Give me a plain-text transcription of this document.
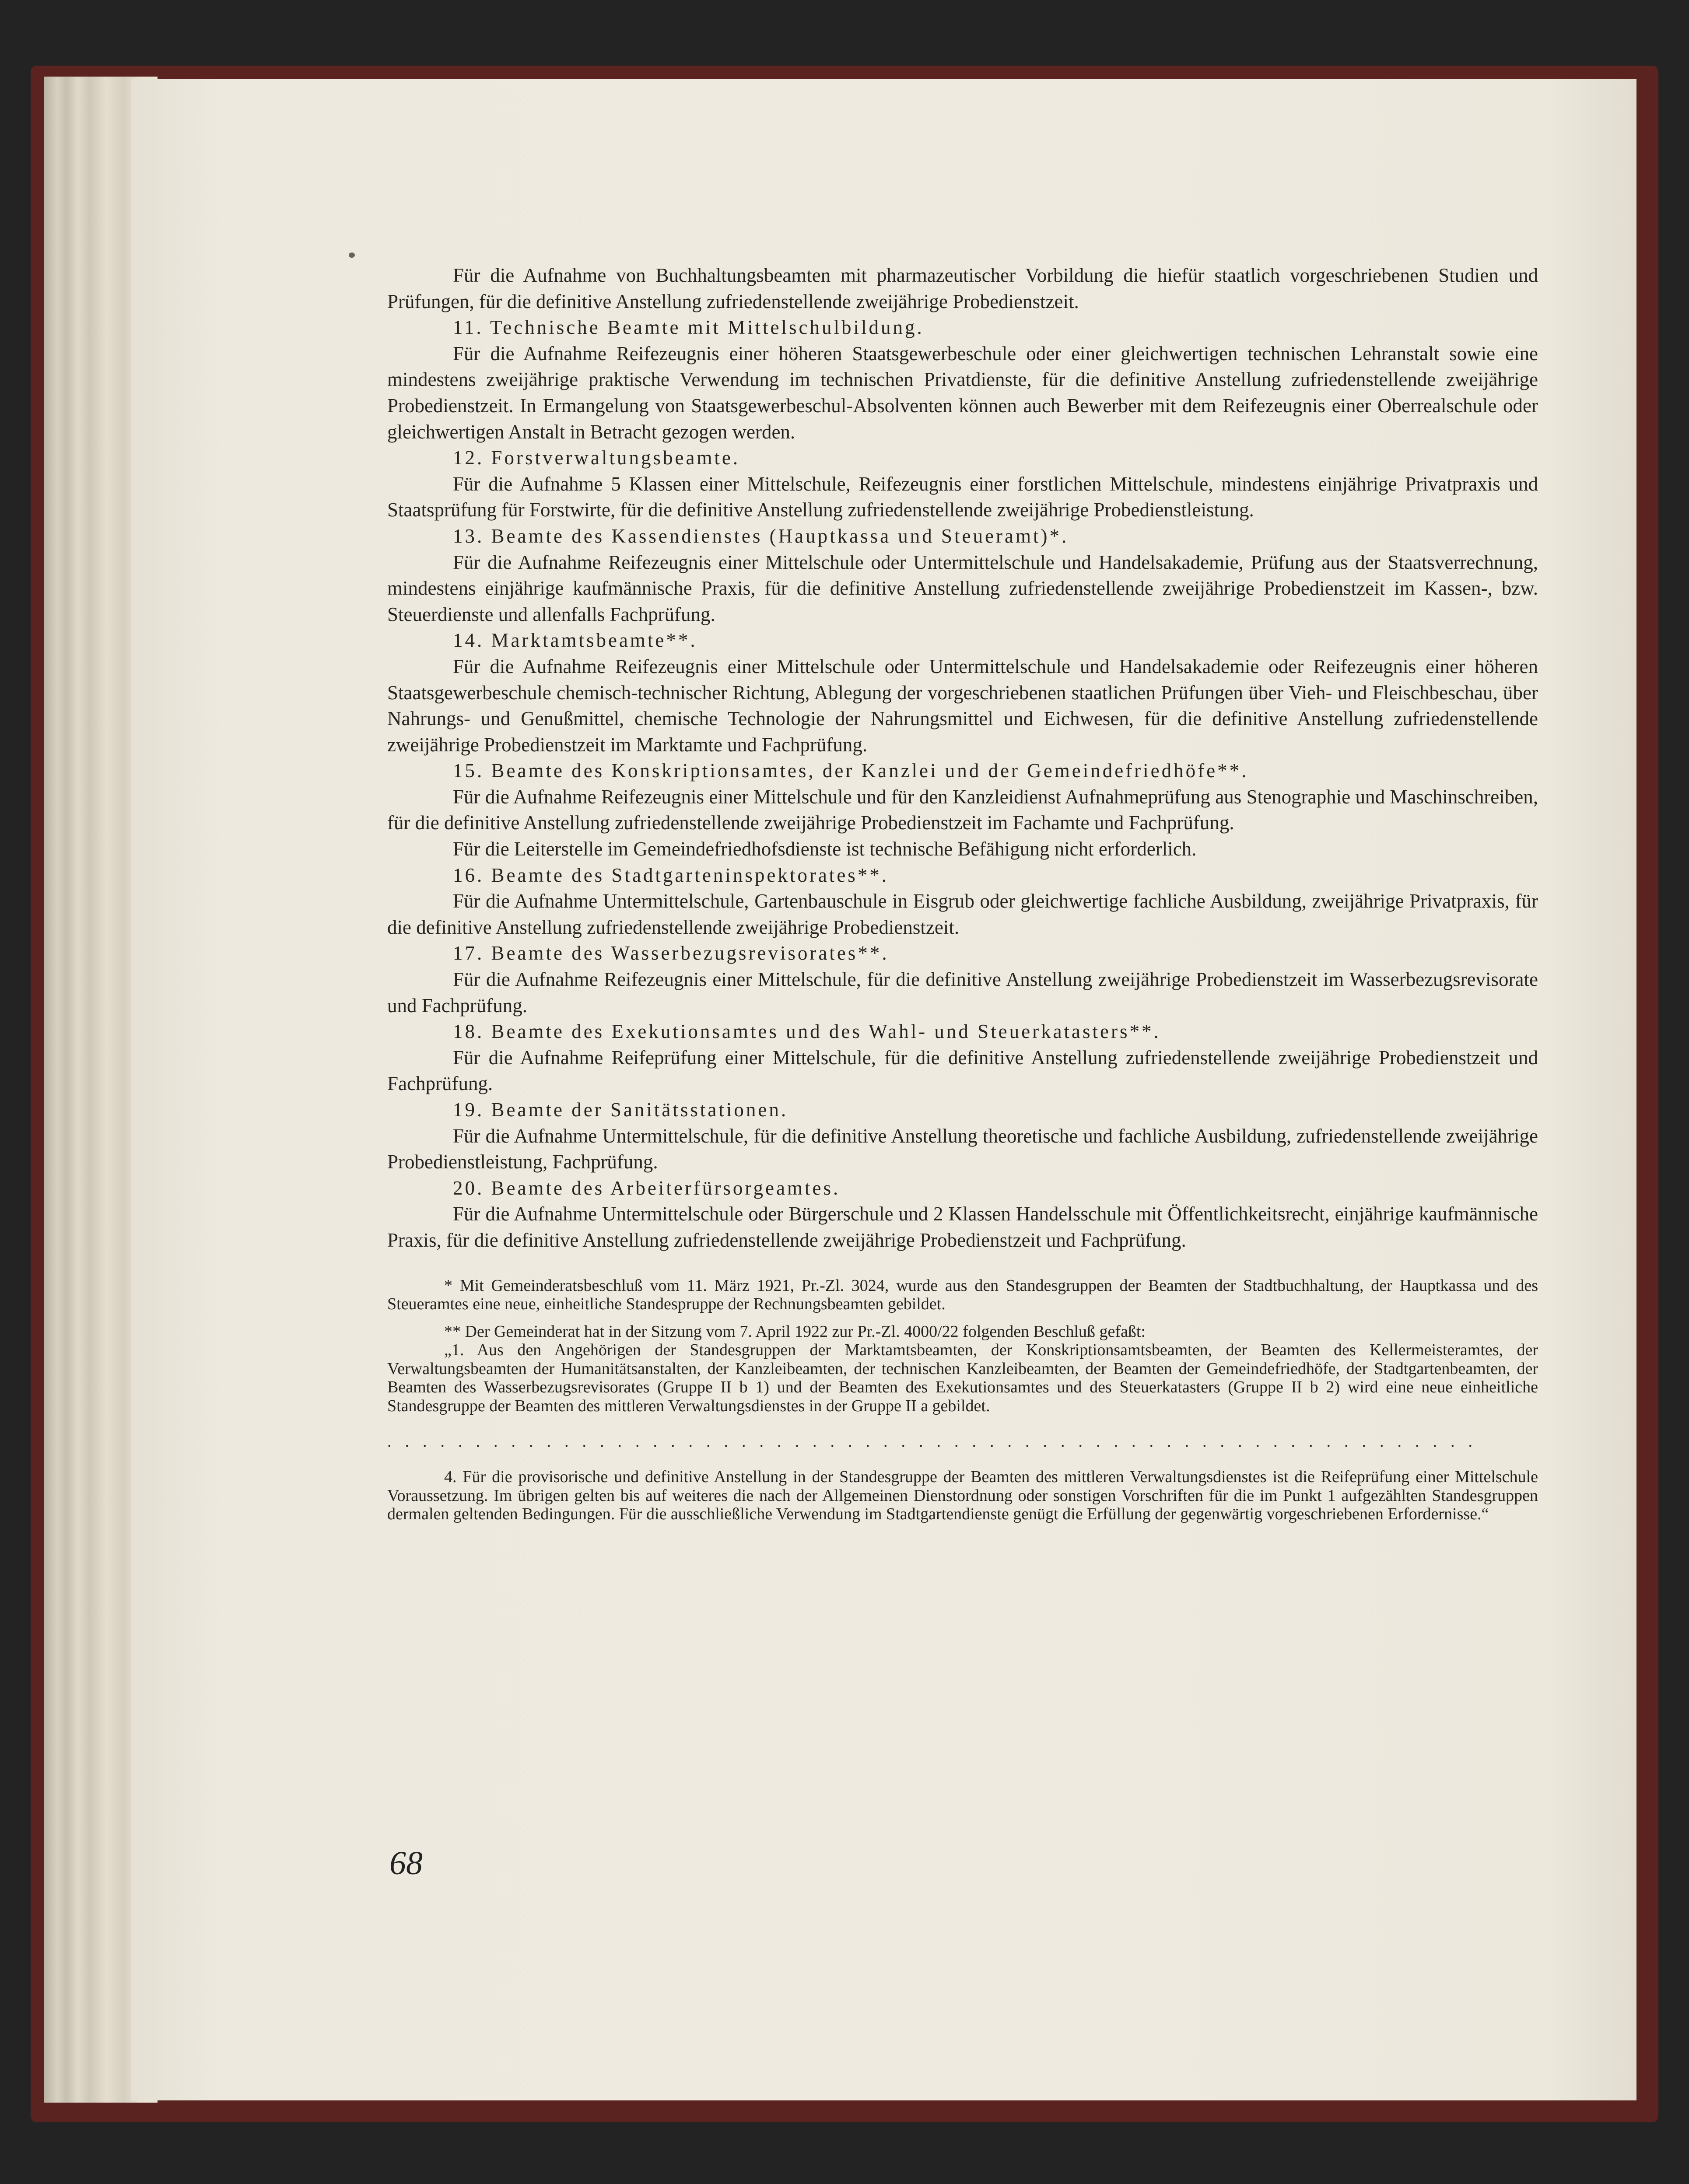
Für die Aufnahme von Buchhaltungsbeamten mit pharmazeutischer Vorbildung die hiefür staatlich vorgeschriebenen Studien und Prüfungen, für die definitive Anstellung zufriedenstellende zweijährige Probedienstzeit.

11. Technische Beamte mit Mittelschulbildung.

Für die Aufnahme Reifezeugnis einer höheren Staatsgewerbeschule oder einer gleichwertigen technischen Lehranstalt sowie eine mindestens zweijährige praktische Verwendung im technischen Privatdienste, für die definitive Anstellung zufriedenstellende zweijährige Probedienstzeit. In Ermangelung von Staatsgewerbeschul-Absolventen können auch Bewerber mit dem Reifezeugnis einer Oberrealschule oder gleichwertigen Anstalt in Betracht gezogen werden.

12. Forstverwaltungsbeamte.

Für die Aufnahme 5 Klassen einer Mittelschule, Reifezeugnis einer forstlichen Mittelschule, mindestens einjährige Privatpraxis und Staatsprüfung für Forstwirte, für die definitive Anstellung zufriedenstellende zweijährige Probedienstleistung.

13. Beamte des Kassendienstes (Hauptkassa und Steueramt)*.

Für die Aufnahme Reifezeugnis einer Mittelschule oder Untermittelschule und Handelsakademie, Prüfung aus der Staatsverrechnung, mindestens einjährige kaufmännische Praxis, für die definitive Anstellung zufriedenstellende zweijährige Probedienstzeit im Kassen-, bzw. Steuerdienste und allenfalls Fachprüfung.

14. Marktamtsbeamte**.

Für die Aufnahme Reifezeugnis einer Mittelschule oder Untermittelschule und Handelsakademie oder Reifezeugnis einer höheren Staatsgewerbeschule chemisch-technischer Richtung, Ablegung der vorgeschriebenen staatlichen Prüfungen über Vieh- und Fleischbeschau, über Nahrungs- und Genußmittel, chemische Technologie der Nahrungsmittel und Eichwesen, für die definitive Anstellung zufriedenstellende zweijährige Probedienstzeit im Marktamte und Fachprüfung.

15. Beamte des Konskriptionsamtes, der Kanzlei und der Gemeindefriedhöfe**.

Für die Aufnahme Reifezeugnis einer Mittelschule und für den Kanzleidienst Aufnahmeprüfung aus Stenographie und Maschinschreiben, für die definitive Anstellung zufriedenstellende zweijährige Probedienstzeit im Fachamte und Fachprüfung.

Für die Leiterstelle im Gemeindefriedhofsdienste ist technische Befähigung nicht erforderlich.

16. Beamte des Stadtgarteninspektorates**.

Für die Aufnahme Untermittelschule, Gartenbauschule in Eisgrub oder gleichwertige fachliche Ausbildung, zweijährige Privatpraxis, für die definitive Anstellung zufriedenstellende zweijährige Probedienstzeit.

17. Beamte des Wasserbezugsrevisorates**.

Für die Aufnahme Reifezeugnis einer Mittelschule, für die definitive Anstellung zweijährige Probedienstzeit im Wasserbezugsrevisorate und Fachprüfung.

18. Beamte des Exekutionsamtes und des Wahl- und Steuerkatasters**.

Für die Aufnahme Reifeprüfung einer Mittelschule, für die definitive Anstellung zufriedenstellende zweijährige Probedienstzeit und Fachprüfung.

19. Beamte der Sanitätsstationen.

Für die Aufnahme Untermittelschule, für die definitive Anstellung theoretische und fachliche Ausbildung, zufriedenstellende zweijährige Probedienstleistung, Fachprüfung.

20. Beamte des Arbeiterfürsorgeamtes.

Für die Aufnahme Untermittelschule oder Bürgerschule und 2 Klassen Handelsschule mit Öffentlichkeitsrecht, einjährige kaufmännische Praxis, für die definitive Anstellung zufriedenstellende zweijährige Probedienstzeit und Fachprüfung.

* Mit Gemeinderatsbeschluß vom 11. März 1921, Pr.-Zl. 3024, wurde aus den Standesgruppen der Beamten der Stadtbuchhaltung, der Hauptkassa und des Steueramtes eine neue, einheitliche Standespruppe der Rechnungsbeamten gebildet.

** Der Gemeinderat hat in der Sitzung vom 7. April 1922 zur Pr.-Zl. 4000/22 folgenden Beschluß gefaßt:

„1. Aus den Angehörigen der Standesgruppen der Marktamtsbeamten, der Konskriptionsamtsbeamten, der Beamten des Kellermeisteramtes, der Verwaltungsbeamten der Humanitätsanstalten, der Kanzleibeamten, der technischen Kanzleibeamten, der Beamten der Gemeindefriedhöfe, der Stadtgartenbeamten, der Beamten des Wasserbezugsrevisorates (Gruppe II b 1) und der Beamten des Exekutionsamtes und des Steuerkatasters (Gruppe II b 2) wird eine neue einheitliche Standesgruppe der Beamten des mittleren Verwaltungsdienstes in der Gruppe II a gebildet.

..............................................................

4. Für die provisorische und definitive Anstellung in der Standesgruppe der Beamten des mittleren Verwaltungsdienstes ist die Reifeprüfung einer Mittelschule Voraussetzung. Im übrigen gelten bis auf weiteres die nach der Allgemeinen Dienstordnung oder sonstigen Vorschriften für die im Punkt 1 aufgezählten Standesgruppen dermalen geltenden Bedingungen. Für die ausschließliche Verwendung im Stadtgartendienste genügt die Erfüllung der gegenwärtig vorgeschriebenen Erfordernisse.“

68
